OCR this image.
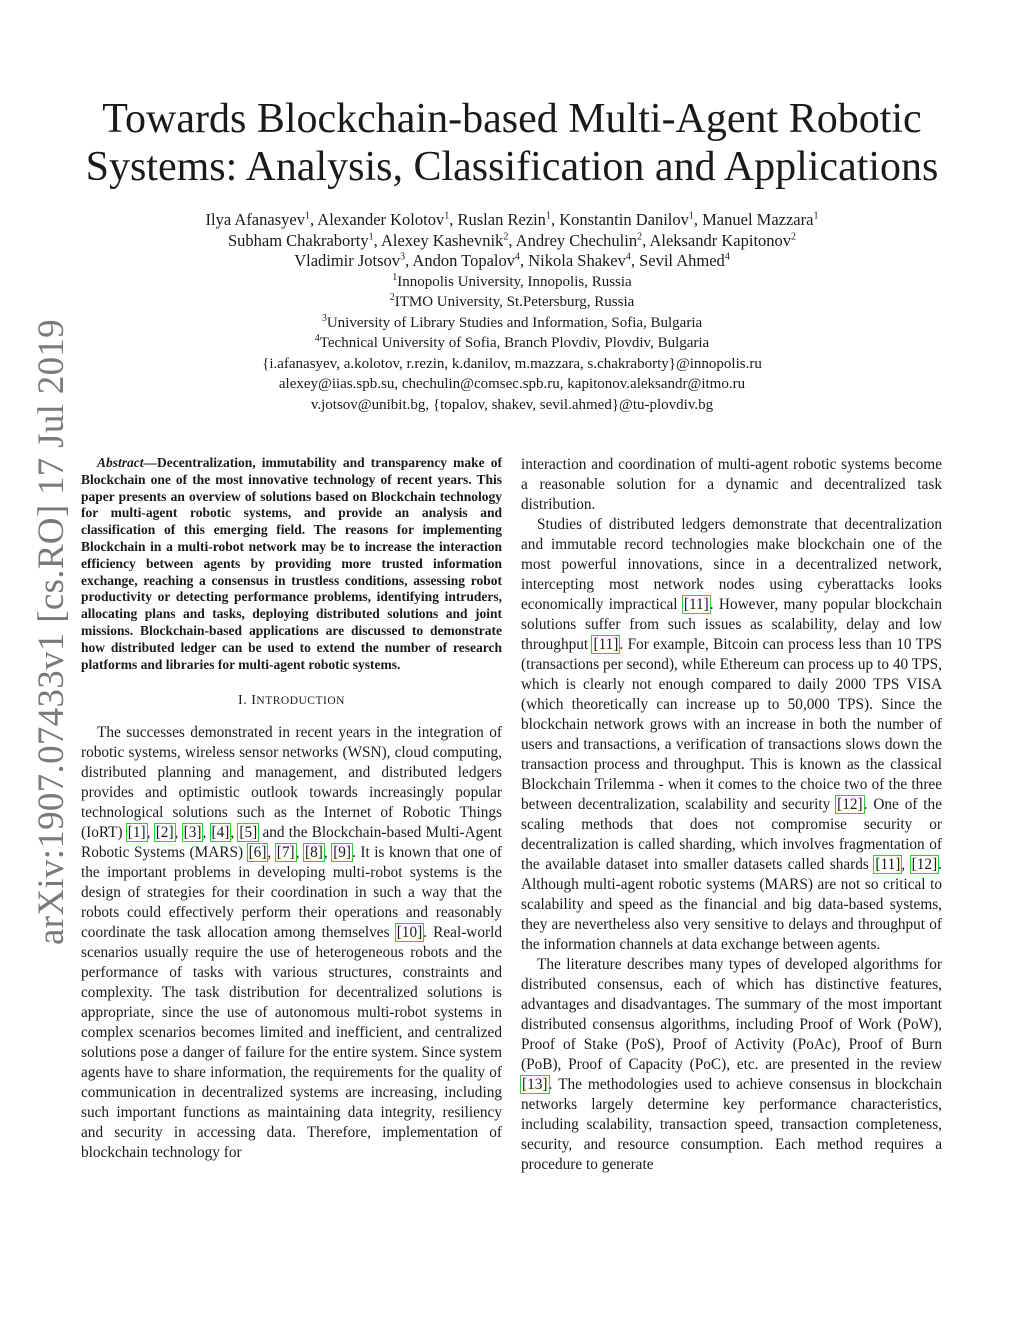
arXiv:1907.07433v1 [cs.RO] 17 Jul 2019
Towards Blockchain-based Multi-Agent Robotic
Systems: Analysis, Classification and Applications
Ilya Afanasyev$^1$, Alexander Kolotov$^1$, Ruslan Rezin$^1$, Konstantin Danilov$^1$, Manuel Mazzara$^1$
Subham Chakraborty$^1$, Alexey Kashevnik$^2$, Andrey Chechulin$^2$, Aleksandr Kapitonov$^2$
Vladimir Jotsov$^3$, Andon Topalov$^4$, Nikola Shakev$^4$, Sevil Ahmed$^4$
$^1$Innopolis University, Innopolis, Russia
$^2$ITMO University, St.Petersburg, Russia
$^3$University of Library Studies and Information, Sofia, Bulgaria
$^4$Technical University of Sofia, Branch Plovdiv, Plovdiv, Bulgaria
{i.afanasyev, a.kolotov, r.rezin, k.danilov, m.mazzara, s.chakraborty}@innopolis.ru
alexey@iias.spb.su, chechulin@comsec.spb.ru, kapitonov.aleksandr@itmo.ru
v.jotsov@unibit.bg, {topalov, shakev, sevil.ahmed}@tu-plovdiv.bg

Abstract—Decentralization, immutability and transparency make of Blockchain one of the most innovative technology of recent years. This paper presents an overview of solutions based on Blockchain technology for multi-agent robotic systems, and provide an analysis and classification of this emerging field. The reasons for implementing Blockchain in a multi-robot network may be to increase the interaction efficiency between agents by providing more trusted information exchange, reaching a consensus in trustless conditions, assessing robot productivity or detecting performance problems, identifying intruders, allocating plans and tasks, deploying distributed solutions and joint missions. Blockchain-based applications are discussed to demonstrate how distributed ledger can be used to extend the number of research platforms and libraries for multi-agent robotic systems.

I. INTRODUCTION

The successes demonstrated in recent years in the integration of robotic systems, wireless sensor networks (WSN), cloud computing, distributed planning and management, and distributed ledgers provides and optimistic outlook towards increasingly popular technological solutions such as the Internet of Robotic Things (IoRT) [1], [2], [3], [4], [5] and the Blockchain-based Multi-Agent Robotic Systems (MARS) [6], [7], [8], [9]. It is known that one of the important problems in developing multi-robot systems is the design of strategies for their coordination in such a way that the robots could effectively perform their operations and reasonably coordinate the task allocation among themselves [10]. Real-world scenarios usually require the use of heterogeneous robots and the performance of tasks with various structures, constraints and complexity. The task distribution for decentralized solutions is appropriate, since the use of autonomous multi-robot systems in complex scenarios becomes limited and inefficient, and centralized solutions pose a danger of failure for the entire system. Since system agents have to share information, the requirements for the quality of communication in decentralized systems are increasing, including such important functions as maintaining data integrity, resiliency and security in accessing data. Therefore, implementation of blockchain technology for

interaction and coordination of multi-agent robotic systems become a reasonable solution for a dynamic and decentralized task distribution.

Studies of distributed ledgers demonstrate that decentralization and immutable record technologies make blockchain one of the most powerful innovations, since in a decentralized network, intercepting most network nodes using cyberattacks looks economically impractical [11]. However, many popular blockchain solutions suffer from such issues as scalability, delay and low throughput [11]. For example, Bitcoin can process less than 10 TPS (transactions per second), while Ethereum can process up to 40 TPS, which is clearly not enough compared to daily 2000 TPS VISA (which theoretically can increase up to 50,000 TPS). Since the blockchain network grows with an increase in both the number of users and transactions, a verification of transactions slows down the transaction process and throughput. This is known as the classical Blockchain Trilemma - when it comes to the choice two of the three between decentralization, scalability and security [12]. One of the scaling methods that does not compromise security or decentralization is called sharding, which involves fragmentation of the available dataset into smaller datasets called shards [11], [12]. Although multi-agent robotic systems (MARS) are not so critical to scalability and speed as the financial and big data-based systems, they are nevertheless also very sensitive to delays and throughput of the information channels at data exchange between agents.

The literature describes many types of developed algorithms for distributed consensus, each of which has distinctive features, advantages and disadvantages. The summary of the most important distributed consensus algorithms, including Proof of Work (PoW), Proof of Stake (PoS), Proof of Activity (PoAc), Proof of Burn (PoB), Proof of Capacity (PoC), etc. are presented in the review [13]. The methodologies used to achieve consensus in blockchain networks largely determine key performance characteristics, including scalability, transaction speed, transaction completeness, security, and resource consumption. Each method requires a procedure to generate
